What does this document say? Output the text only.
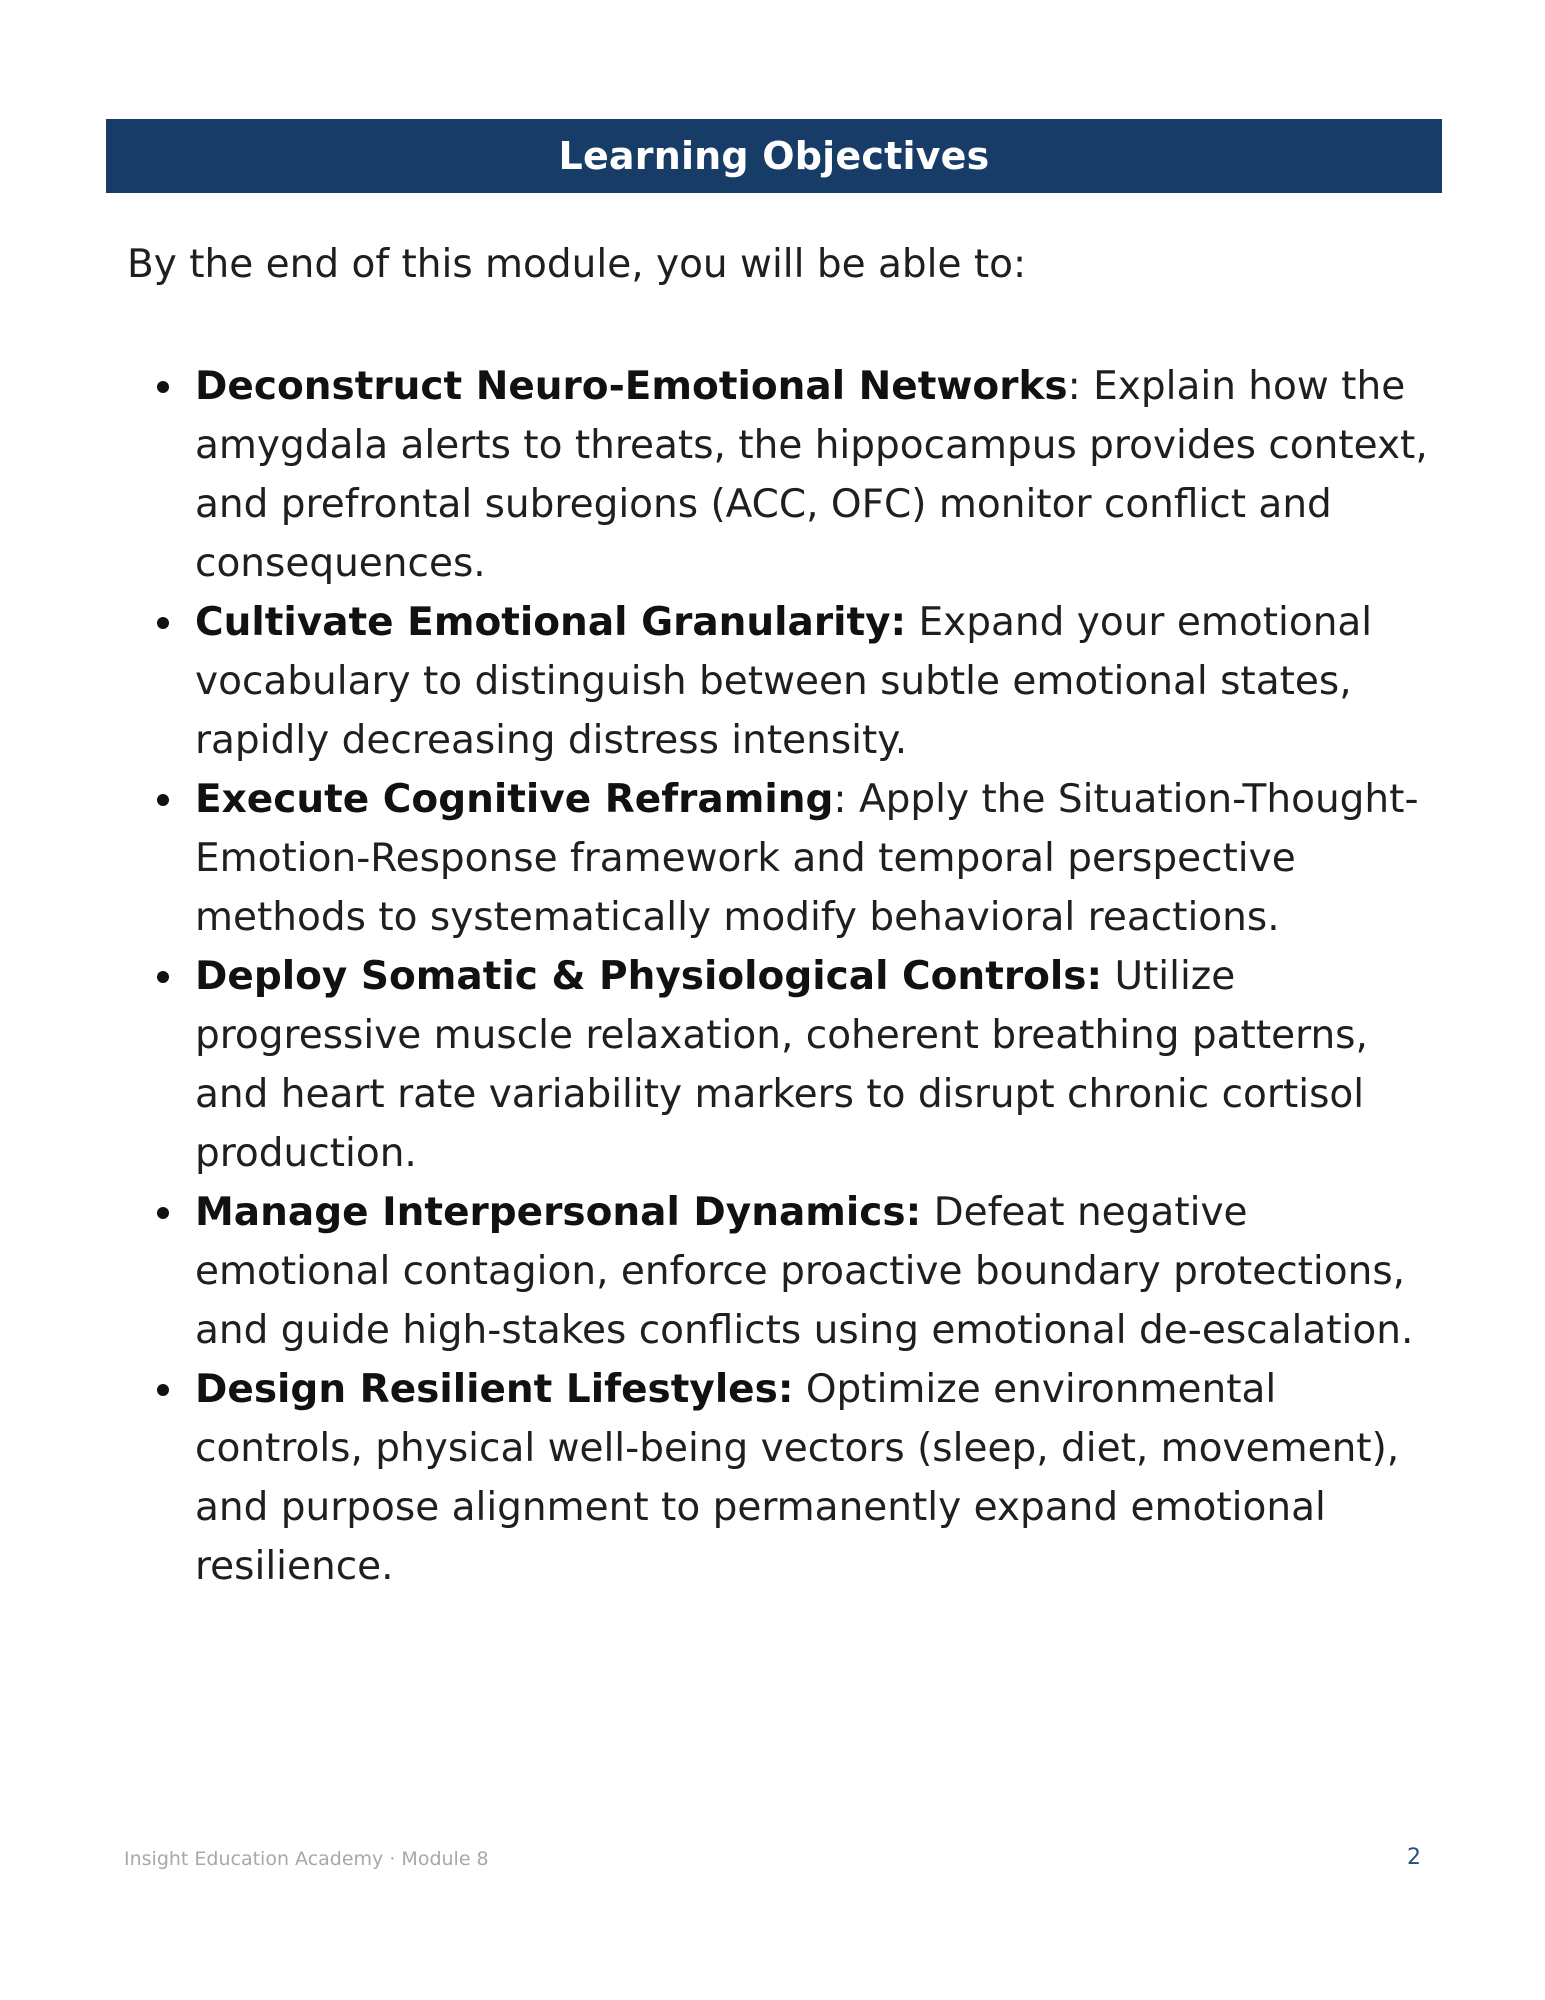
Learning Objectives
By the end of this module, you will be able to:
Deconstruct Neuro-Emotional Networks: Explain how the amygdala alerts to threats, the hippocampus provides context, and prefrontal subregions (ACC, OFC) monitor conflict and consequences.
Cultivate Emotional Granularity: Expand your emotional vocabulary to distinguish between subtle emotional states, rapidly decreasing distress intensity.
Execute Cognitive Reframing: Apply the Situation-Thought-Emotion-Response framework and temporal perspective methods to systematically modify behavioral reactions.
Deploy Somatic & Physiological Controls: Utilize progressive muscle relaxation, coherent breathing patterns, and heart rate variability markers to disrupt chronic cortisol production.
Manage Interpersonal Dynamics: Defeat negative emotional contagion, enforce proactive boundary protections, and guide high-stakes conflicts using emotional de-escalation.
Design Resilient Lifestyles: Optimize environmental controls, physical well-being vectors (sleep, diet, movement), and purpose alignment to permanently expand emotional resilience.
Insight Education Academy · Module 8	2
